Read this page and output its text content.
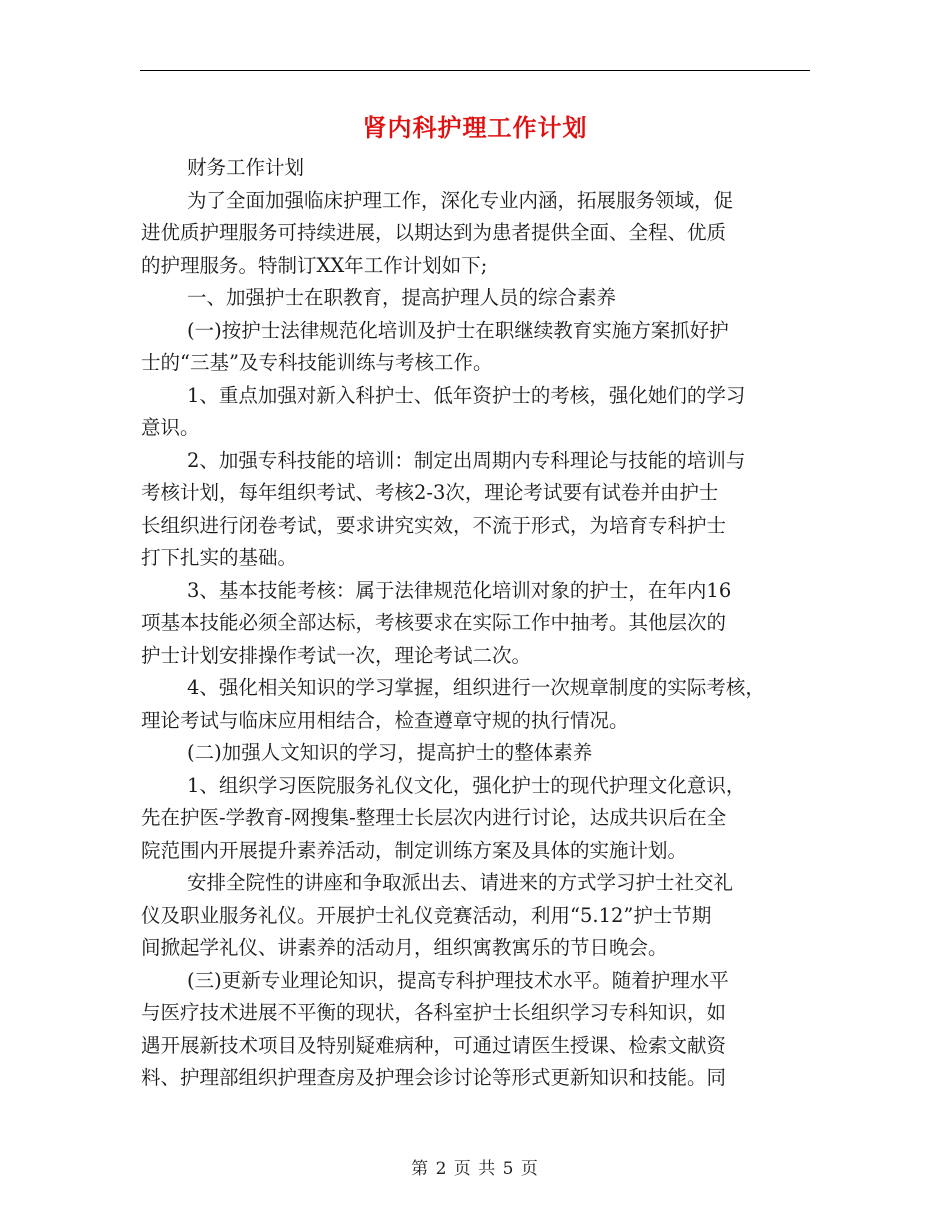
肾内科护理工作计划
财务工作计划
为了全面加强临床护理工作，深化专业内涵，拓展服务领域，促
进优质护理服务可持续进展，以期达到为患者提供全面、全程、优质
的护理服务。特制订XX年工作计划如下;
一、加强护士在职教育，提高护理人员的综合素养
(一)按护士法律规范化培训及护士在职继续教育实施方案抓好护
士的“三基”及专科技能训练与考核工作。
1、重点加强对新入科护士、低年资护士的考核，强化她们的学习
意识。
2、加强专科技能的培训：制定出周期内专科理论与技能的培训与
考核计划，每年组织考试、考核2-3次，理论考试要有试卷并由护士
长组织进行闭卷考试，要求讲究实效，不流于形式，为培育专科护士
打下扎实的基础。
3、基本技能考核：属于法律规范化培训对象的护士，在年内16
项基本技能必须全部达标，考核要求在实际工作中抽考。其他层次的
护士计划安排操作考试一次，理论考试二次。
4、强化相关知识的学习掌握，组织进行一次规章制度的实际考核，
理论考试与临床应用相结合，检查遵章守规的执行情况。
(二)加强人文知识的学习，提高护士的整体素养
1、组织学习医院服务礼仪文化，强化护士的现代护理文化意识，
先在护医-学教育-网搜集-整理士长层次内进行讨论，达成共识后在全
院范围内开展提升素养活动，制定训练方案及具体的实施计划。
安排全院性的讲座和争取派出去、请进来的方式学习护士社交礼
仪及职业服务礼仪。开展护士礼仪竞赛活动，利用“5.12”护士节期
间掀起学礼仪、讲素养的活动月，组织寓教寓乐的节日晚会。
(三)更新专业理论知识，提高专科护理技术水平。随着护理水平
与医疗技术进展不平衡的现状，各科室护士长组织学习专科知识，如
遇开展新技术项目及特别疑难病种，可通过请医生授课、检索文献资
料、护理部组织护理查房及护理会诊讨论等形式更新知识和技能。同
第 2 页 共 5 页
